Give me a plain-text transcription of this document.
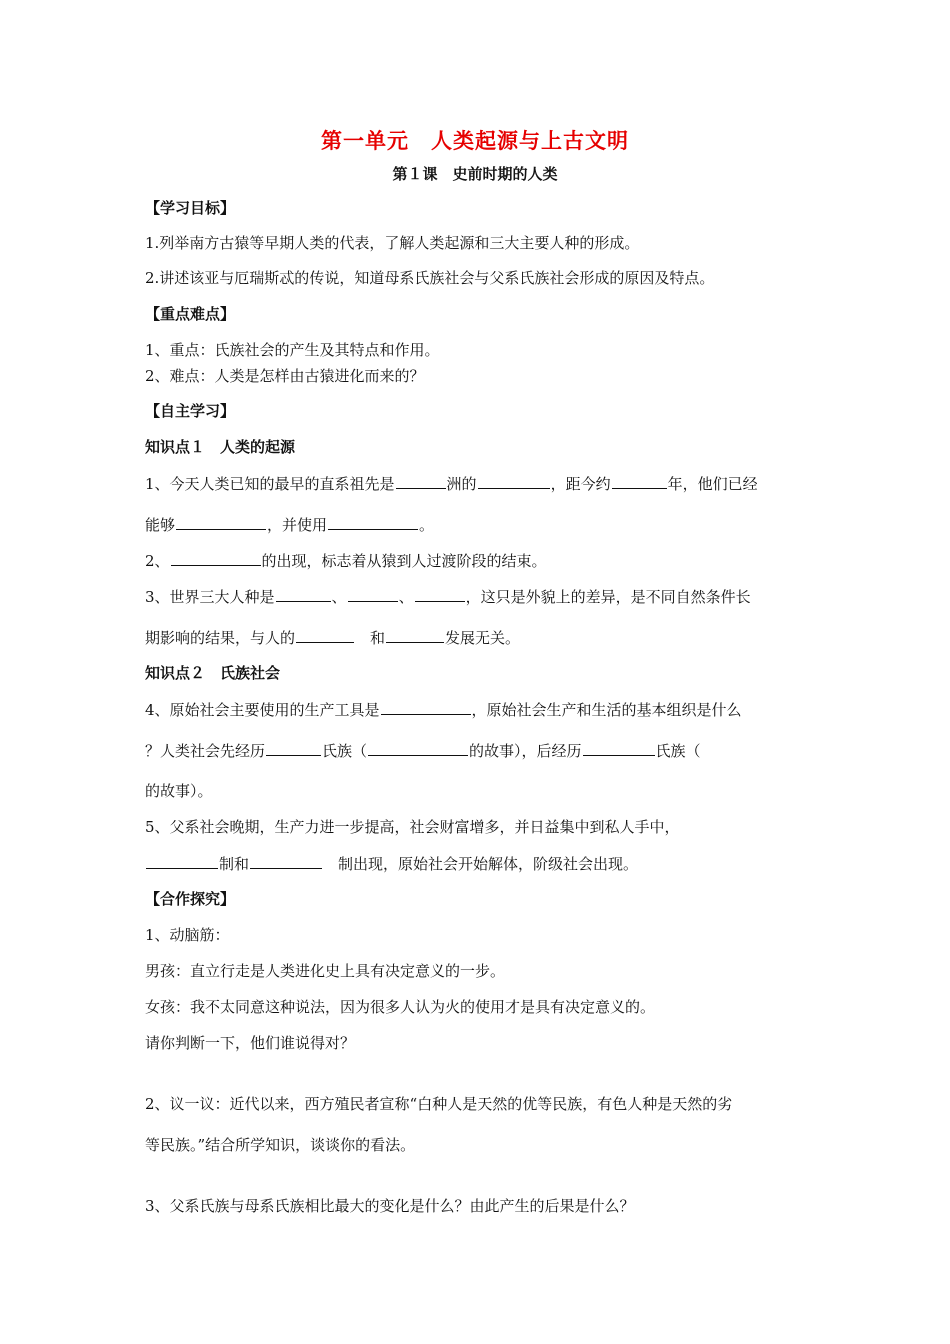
第一单元　人类起源与上古文明
第１课　史前时期的人类
【学习目标】
1.列举南方古猿等早期人类的代表，了解人类起源和三大主要人种的形成。
2.讲述该亚与厄瑞斯忒的传说，知道母系氏族社会与父系氏族社会形成的原因及特点。
【重点难点】
1、重点：氏族社会的产生及其特点和作用。
2、难点：人类是怎样由古猿进化而来的？
【自主学习】
知识点１　人类的起源
1、今天人类已知的最早的直系祖先是	洲的	，距今约	年，他们已经
能够	，并使用	。
2、	的出现，标志着从猿到人过渡阶段的结束。
3、世界三大人种是	、	、	，这只是外貌上的差异，是不同自然条件长
期影响的结果，与人的	　和	发展无关。
知识点２　氏族社会
4、原始社会主要使用的生产工具是	，原始社会生产和生活的基本组织是什么
？人类社会先经历	氏族（	的故事），后经历	氏族（
的故事）。
5、父系社会晚期，生产力进一步提高，社会财富增多，并日益集中到私人手中，
制和	　制出现，原始社会开始解体，阶级社会出现。
【合作探究】
1、动脑筋：
男孩：直立行走是人类进化史上具有决定意义的一步。
女孩：我不太同意这种说法，因为很多人认为火的使用才是具有决定意义的。
请你判断一下，他们谁说得对？
2、议一议：近代以来，西方殖民者宣称“白种人是天然的优等民族，有色人种是天然的劣
等民族。”结合所学知识，谈谈你的看法。
3、父系氏族与母系氏族相比最大的变化是什么？由此产生的后果是什么？
